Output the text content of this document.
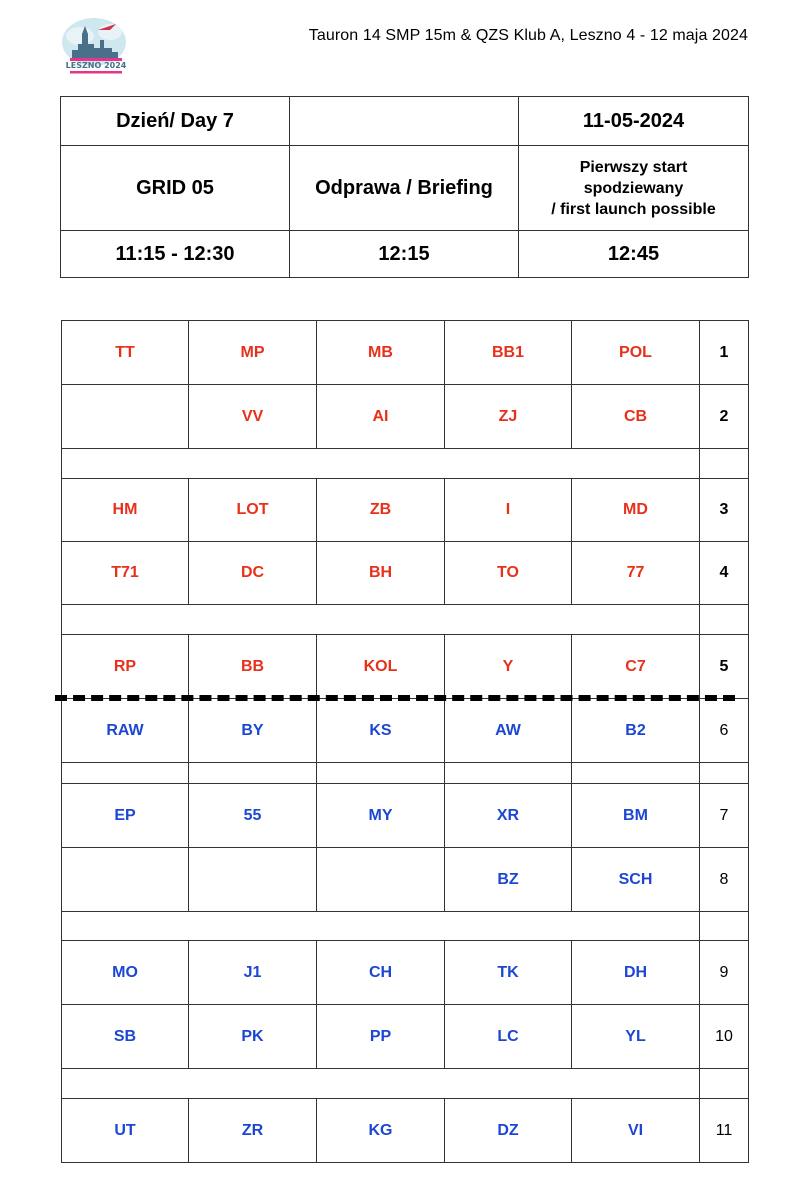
LESZNO 2024
Tauron 14 SMP 15m & QZS Klub A, Leszno 4 - 12 maja 2024
Dzień/ Day 7		11-05-2024
GRID 05	Odprawa / Briefing	Pierwszy start
spodziewany
/ first launch possible

11:15 - 12:30	12:15	12:45
TT	MP	MB	BB1	POL	1
	VV	AI	ZJ	CB	2

HM	LOT	ZB	I	MD	3
T71	DC	BH	TO	77	4

RP	BB	KOL	Y	C7	5
RAW	BY	KS	AW	B2	6

EP	55	MY	XR	BM	7
			BZ	SCH	8

MO	J1	CH	TK	DH	9
SB	PK	PP	LC	YL	10

UT	ZR	KG	DZ	VI	11
